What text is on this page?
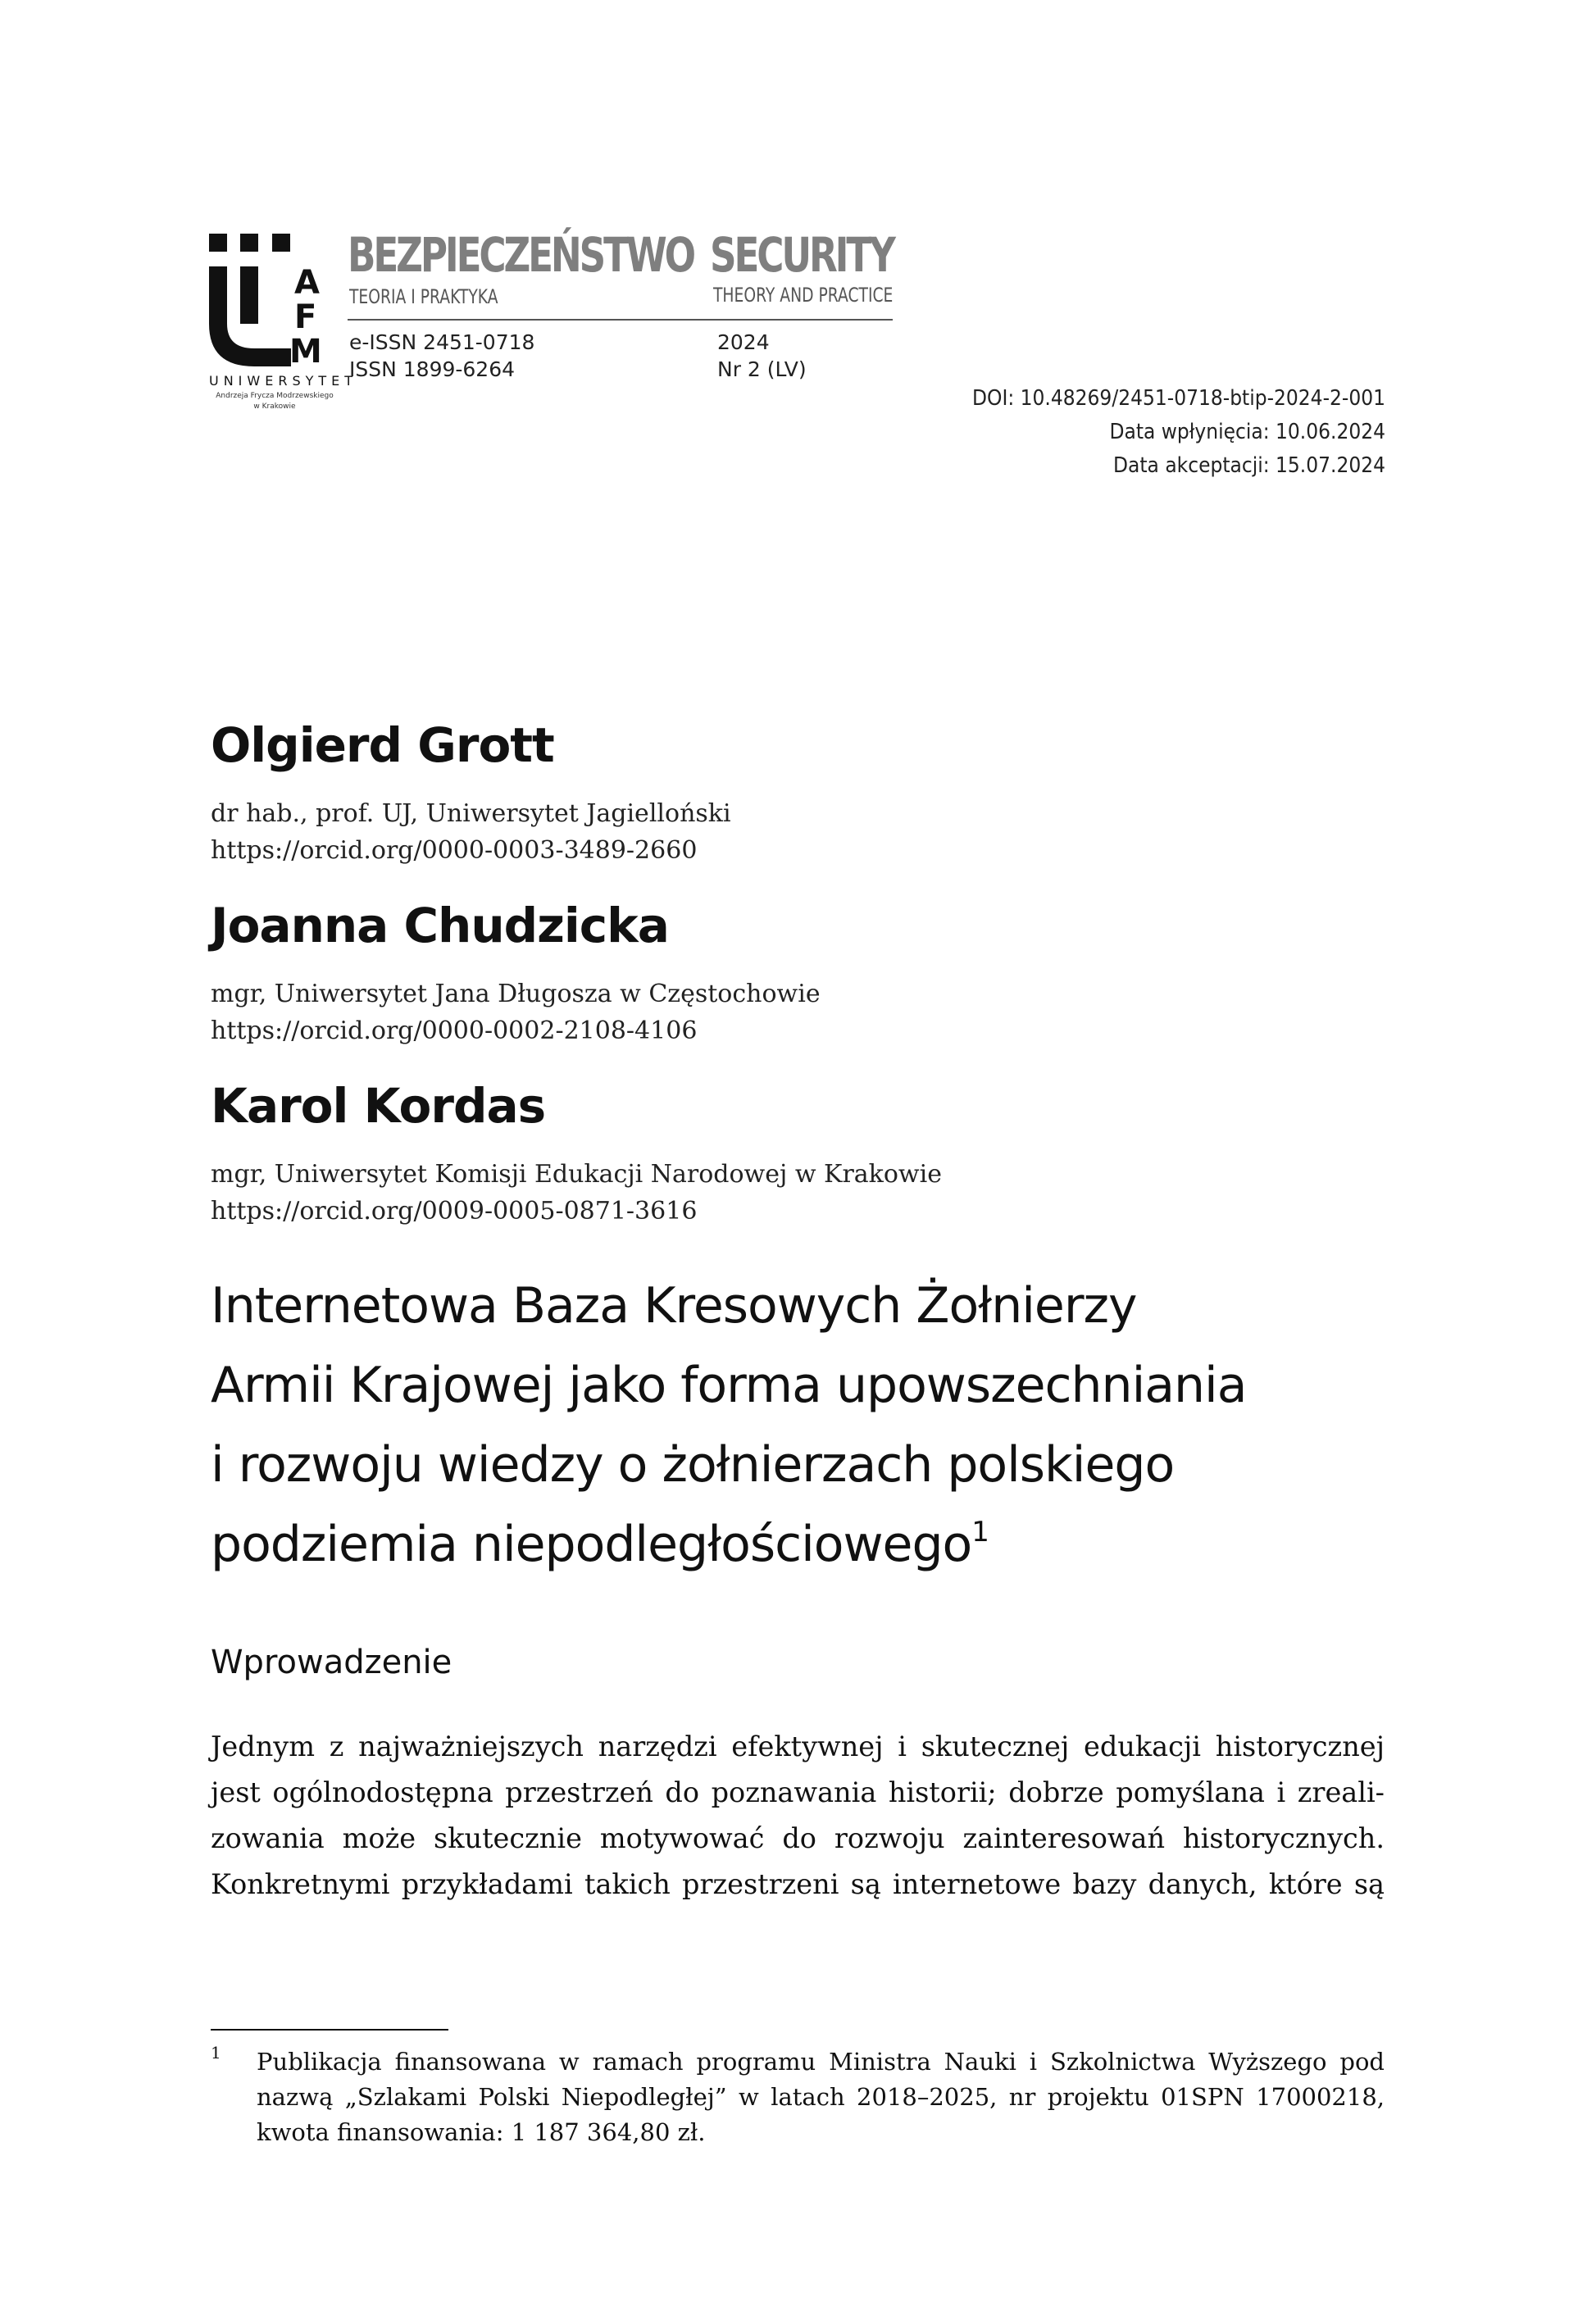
A
F
M
UNIWERSYTET
Andrzeja Frycza Modrzewskiego
w Krakowie
BEZPIECZEŃSTWO SECURITY
TEORIA I PRAKTYKA	THEORY AND PRACTICE
e-ISSN 2451-0718
ISSN 1899-6264
2024
Nr 2 (LV)
DOI: 10.48269/2451-0718-btip-2024-2-001
Data wpłynięcia: 10.06.2024
Data akceptacji: 15.07.2024
Olgierd Grott
dr hab., prof. UJ, Uniwersytet Jagielloński
https://orcid.org/0000-0003-3489-2660
Joanna Chudzicka
mgr, Uniwersytet Jana Długosza w Częstochowie
https://orcid.org/0000-0002-2108-4106
Karol Kordas
mgr, Uniwersytet Komisji Edukacji Narodowej w Krakowie
https://orcid.org/0009-0005-0871-3616
Internetowa Baza Kresowych Żołnierzy
Armii Krajowej jako forma upowszechniania
i rozwoju wiedzy o żołnierzach polskiego
podziemia niepodległościowego$^1$
Wprowadzenie
Jednym z najważniejszych narzędzi efektywnej i skutecznej edukacji historycznej
jest ogólnodostępna przestrzeń do poznawania historii; dobrze pomyślana i zreali-
zowania może skutecznie motywować do rozwoju zainteresowań historycznych.
Konkretnymi przykładami takich przestrzeni są internetowe bazy danych, które są
1 Publikacja finansowana w ramach programu Ministra Nauki i Szkolnictwa Wyższego pod
nazwą „Szlakami Polski Niepodległej” w latach 2018–2025, nr projektu 01SPN 17000218,
kwota finansowania: 1 187 364,80 zł.
